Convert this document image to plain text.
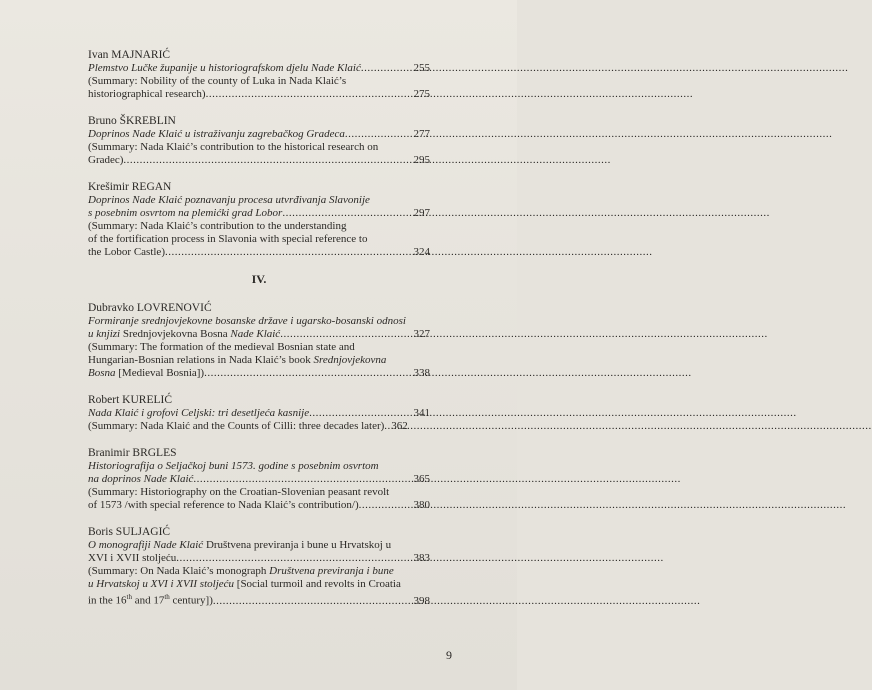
Ivan MAJNARIĆ
Plemstvo Lučke županije u historiografskom djelu Nade Klaić .....	255
(Summary: Nobility of the county of Luka in Nada Klaić’s
historiographical research) .....	275
Bruno ŠKREBLIN
Doprinos Nade Klaić u istraživanju zagrebačkog Gradeca .....	277
(Summary: Nada Klaić’s contribution to the historical research on
Gradec) .....	295
Krešimir REGAN
Doprinos Nade Klaić poznavanju procesa utvrđivanja Slavonije
s posebnim osvrtom na plemićki grad Lobor .....	297
(Summary: Nada Klaić’s contribution to the understanding
of the fortification process in Slavonia with special reference to
the Lobor Castle) .....	324
IV.
Dubravko LOVRENOVIĆ
Formiranje srednjovjekovne bosanske države i ugarsko-bosanski odnosi
u knjizi Srednjovjekovna Bosna Nade Klaić .....	327
(Summary: The formation of the medieval Bosnian state and
Hungarian-Bosnian relations in Nada Klaić’s book Srednjovjekovna
Bosna [Medieval Bosnia]) .....	338
Robert KURELIĆ
Nada Klaić i grofovi Celjski: tri desetljeća kasnije .....	341
(Summary: Nada Klaić and the Counts of Cilli: three decades later) ..... 362
Branimir BRGLES
Historiografija o Seljačkoj buni 1573. godine s posebnim osvrtom
na doprinos Nade Klaić .....	365
(Summary: Historiography on the Croatian-Slovenian peasant revolt
of 1573 /with special reference to Nada Klaić’s contribution/) .....	380
Boris SULJAGIĆ
O monografiji Nade Klaić Društvena previranja i bune u Hrvatskoj u
XVI i XVII stoljeću .....	383
(Summary: On Nada Klaić’s monograph Društvena previranja i bune
u Hrvatskoj u XVI i XVII stoljeću [Social turmoil and revolts in Croatia
in the 16th and 17th century]) .....	398
9
